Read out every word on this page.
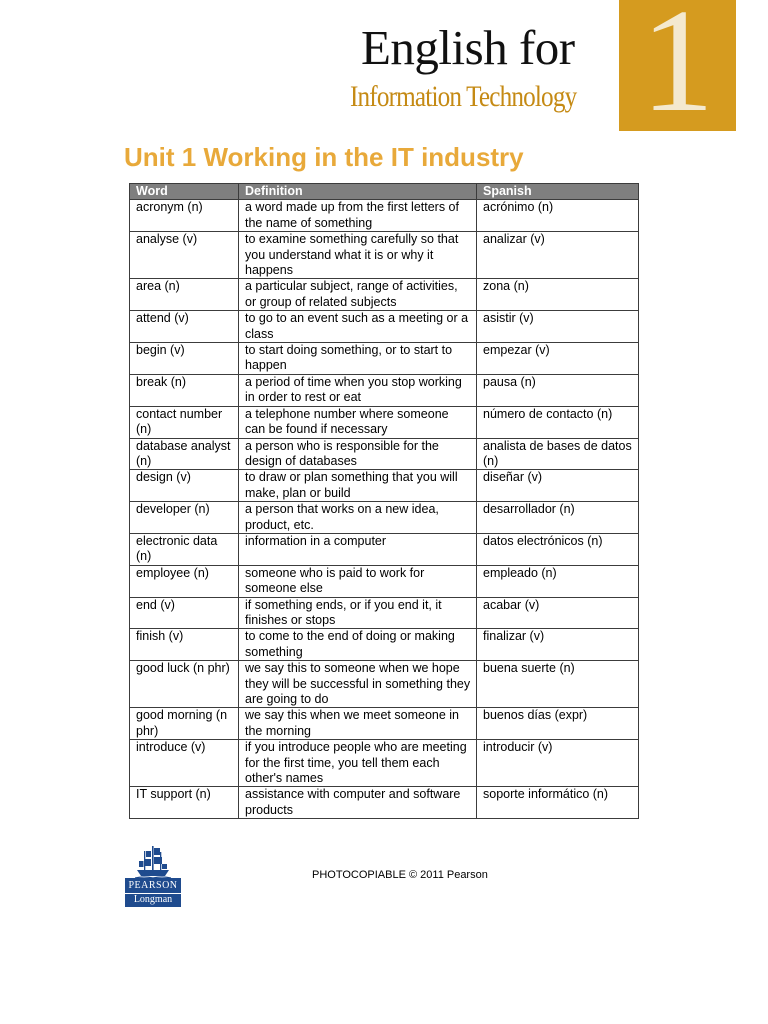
English for
Information Technology 1
Unit 1 Working in the IT industry
Word	Definition	Spanish
acronym (n)	a word made up from the first letters of the name of something	acrónimo (n)
analyse (v)	to examine something carefully so that you understand what it is or why it happens	analizar (v)
area (n)	a particular subject, range of activities, or group of related subjects	zona (n)
attend (v)	to go to an event such as a meeting or a class	asistir (v)
begin (v)	to start doing something, or to start to happen	empezar (v)
break (n)	a period of time when you stop working in order to rest or eat	pausa (n)
contact number (n)	a telephone number where someone can be found if necessary	número de contacto (n)
database analyst (n)	a person who is responsible for the design of databases	analista de bases de datos (n)
design (v)	to draw or plan something that you will make, plan or build	diseñar (v)
developer (n)	a person that works on a new idea, product, etc.	desarrollador (n)
electronic data (n)	information in a computer	datos electrónicos (n)
employee (n)	someone who is paid to work for someone else	empleado (n)
end (v)	if something ends, or if you end it, it finishes or stops	acabar (v)
finish (v)	to come to the end of doing or making something	finalizar (v)
good luck (n phr)	we say this to someone when we hope they will be successful in something they are going to do	buena suerte (n)
good morning (n phr)	we say this when we meet someone in the morning	buenos días (expr)
introduce (v)	if you introduce people who are meeting for the first time, you tell them each other's names	introducir (v)
IT support (n)	assistance with computer and software products	soporte informático (n)
PEARSON
Longman
PHOTOCOPIABLE © 2011 Pearson
